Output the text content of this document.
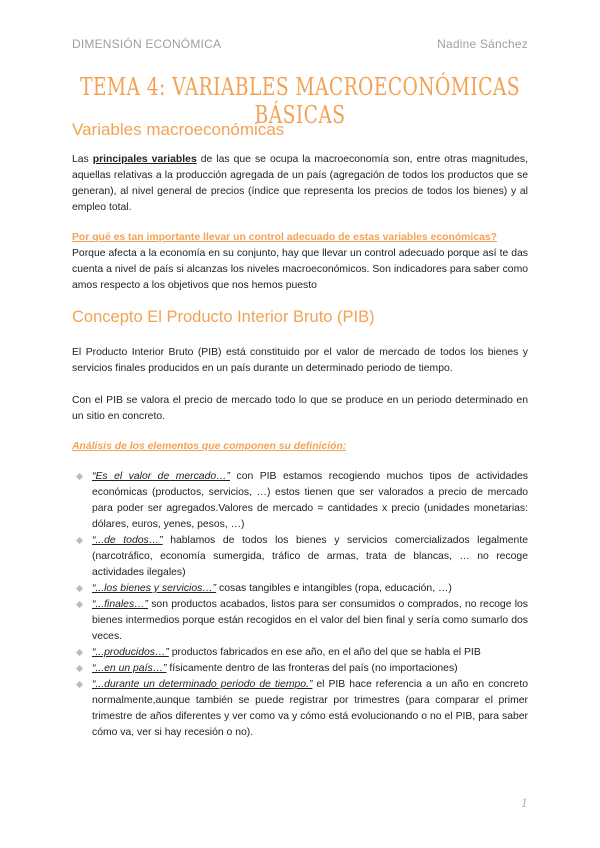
DIMENSIÓN ECONÓMICA	Nadine Sánchez
TEMA 4: VARIABLES MACROECONÓMICAS BÁSICAS
Variables macroeconómicas

Las principales variables de las que se ocupa la macroeconomía son, entre otras magnitudes, aquellas relativas a la producción agregada de un país (agregación de todos los productos que se generan), al nivel general de precios (índice que representa los precios de todos los bienes) y al empleo total.

Por qué es tan importante llevar un control adecuado de estas variables económicas?

Porque afecta a la economía en su conjunto, hay que llevar un control adecuado porque así te das cuenta a nivel de país si alcanzas los niveles macroeconómicos. Son indicadores para saber como amos respecto a los objetivos que nos hemos puesto

Concepto El Producto Interior Bruto (PIB)

El Producto Interior Bruto (PIB) está constituido por el valor de mercado de todos los bienes y servicios finales producidos en un país durante un determinado periodo de tiempo.

Con el PIB se valora el precio de mercado todo lo que se produce en un periodo determinado en un sitio en concreto.

Análisis de los elementos que componen su definición:
“Es el valor de mercado…” con PIB estamos recogiendo muchos tipos de actividades económicas (productos, servicios, …) estos tienen que ser valorados a precio de mercado para poder ser agregados.Valores de mercado = cantidades x precio (unidades monetarias: dólares, euros, yenes, pesos, …)
“...de todos…” hablamos de todos los bienes y servicios comercializados legalmente (narcotráfico, economía sumergida, tráfico de armas, trata de blancas, … no recoge actividades ilegales)
“...los bienes y servicios…” cosas tangibles e intangibles (ropa, educación, …)
“...finales…” son productos acabados, listos para ser consumidos o comprados, no recoge los bienes intermedios porque están recogidos en el valor del bien final y sería como sumarlo dos veces.
“...producidos…” productos fabricados en ese año, en el año del que se habla el PIB
“...en un país…” físicamente dentro de las fronteras del país (no importaciones)
“...durante un determinado periodo de tiempo.” el PIB hace referencia a un año en concreto normalmente,aunque también se puede registrar por trimestres (para comparar el primer trimestre de años diferentes y ver como va y cómo está evolucionando o no el PIB, para saber cómo va, ver si hay recesión o no).
1
